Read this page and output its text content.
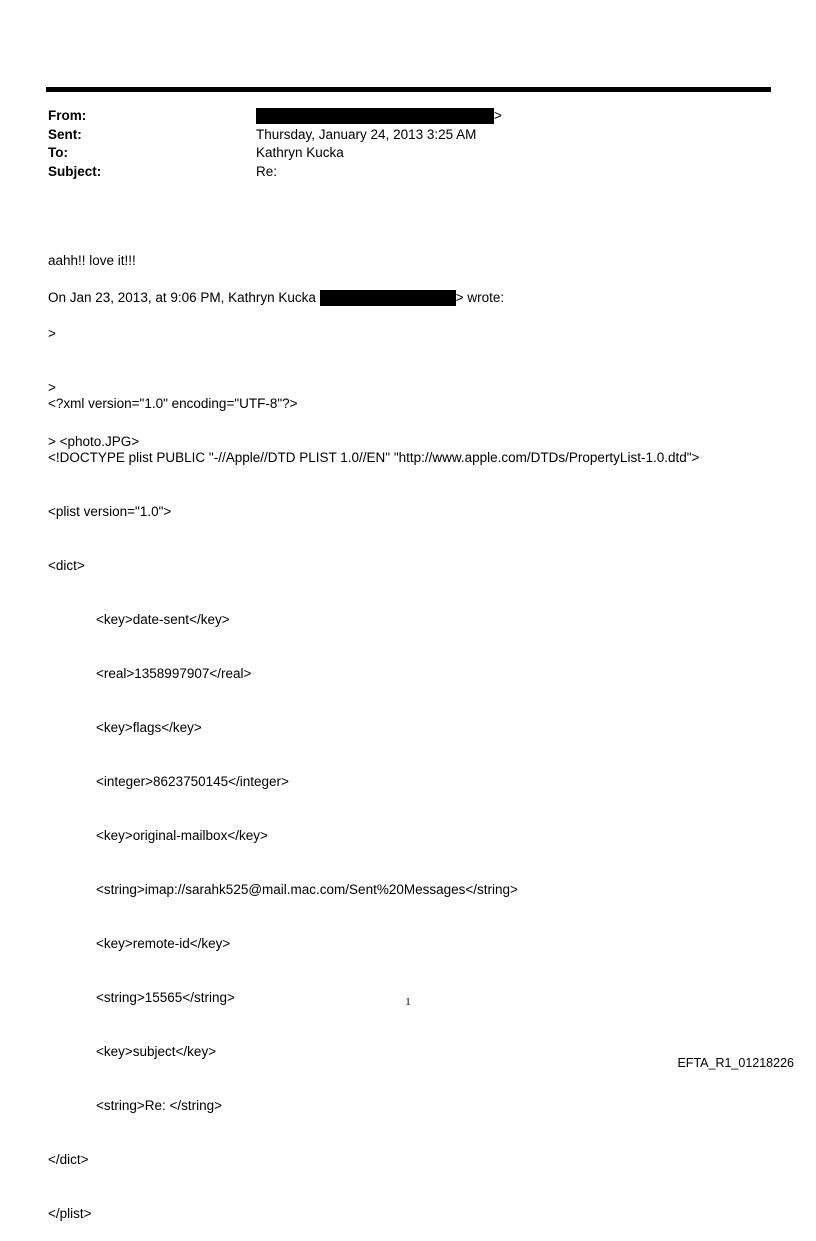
From:	>
Sent:	Thursday, January 24, 2013 3:25 AM
To:	Kathryn Kucka
Subject:	Re:

aahh!! love it!!!

On Jan 23, 2013, at 9:06 PM, Kathryn Kucka	> wrote:

>

>

> <photo.JPG>

<?xml version="1.0" encoding="UTF-8"?>

<!DOCTYPE plist PUBLIC "-//Apple//DTD PLIST 1.0//EN" "http://www.apple.com/DTDs/PropertyList-1.0.dtd">

<plist version="1.0">

<dict>

<key>date-sent</key>

<real>1358997907</real>

<key>flags</key>

<integer>8623750145</integer>

<key>original-mailbox</key>

<string>imap://sarahk525@mail.mac.com/Sent%20Messages</string>

<key>remote-id</key>

<string>15565</string>

<key>subject</key>

<string>Re: </string>

</dict>

</plist>

1
EFTA_R1_01218226
